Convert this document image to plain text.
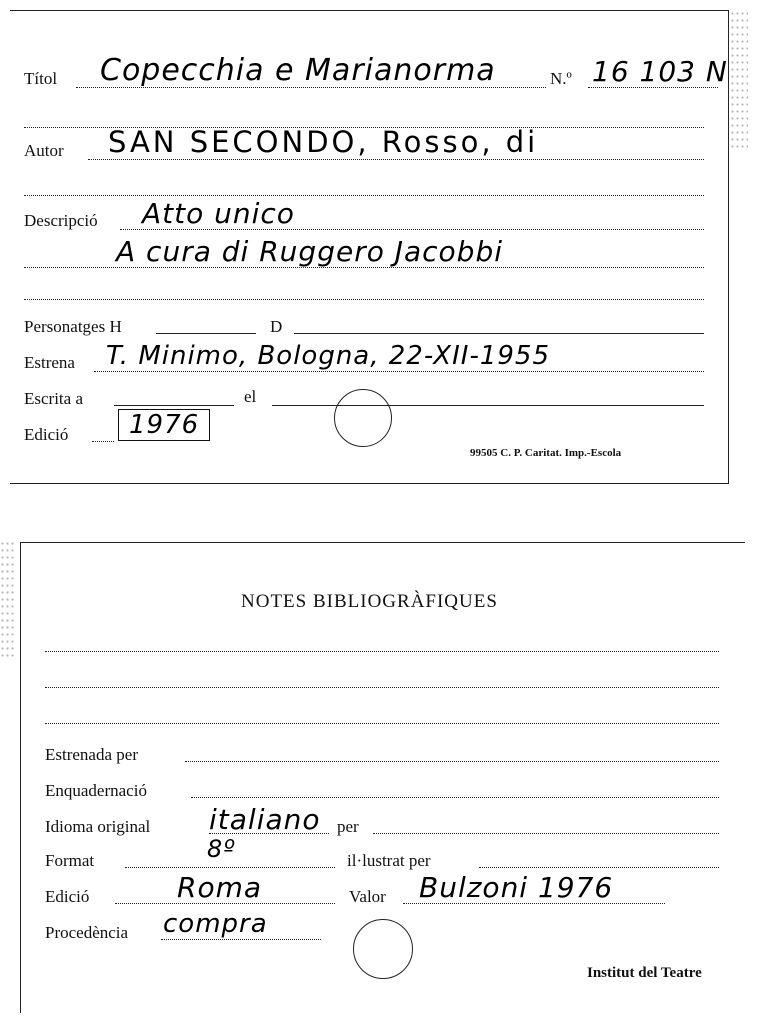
Títol Copecchia e Marianorma	N.º 16 103 N
Autor SAN SECONDO, Rosso, di
Descripció Atto unico
A cura di Ruggero Jacobbi
Personatges H	D
Estrena T. Minimo, Bologna, 22-XII-1955
Escrita a	el
Edició	1976
99505 C. P. Caritat. Imp.-Escola
NOTES BIBLIOGRÀFIQUES
Estrenada per
Enquadernació
Idioma original italiano per
Format	8º	il·lustrat per
Edició	Roma	Valor Bulzoni 1976
Procedència compra
Institut del Teatre
